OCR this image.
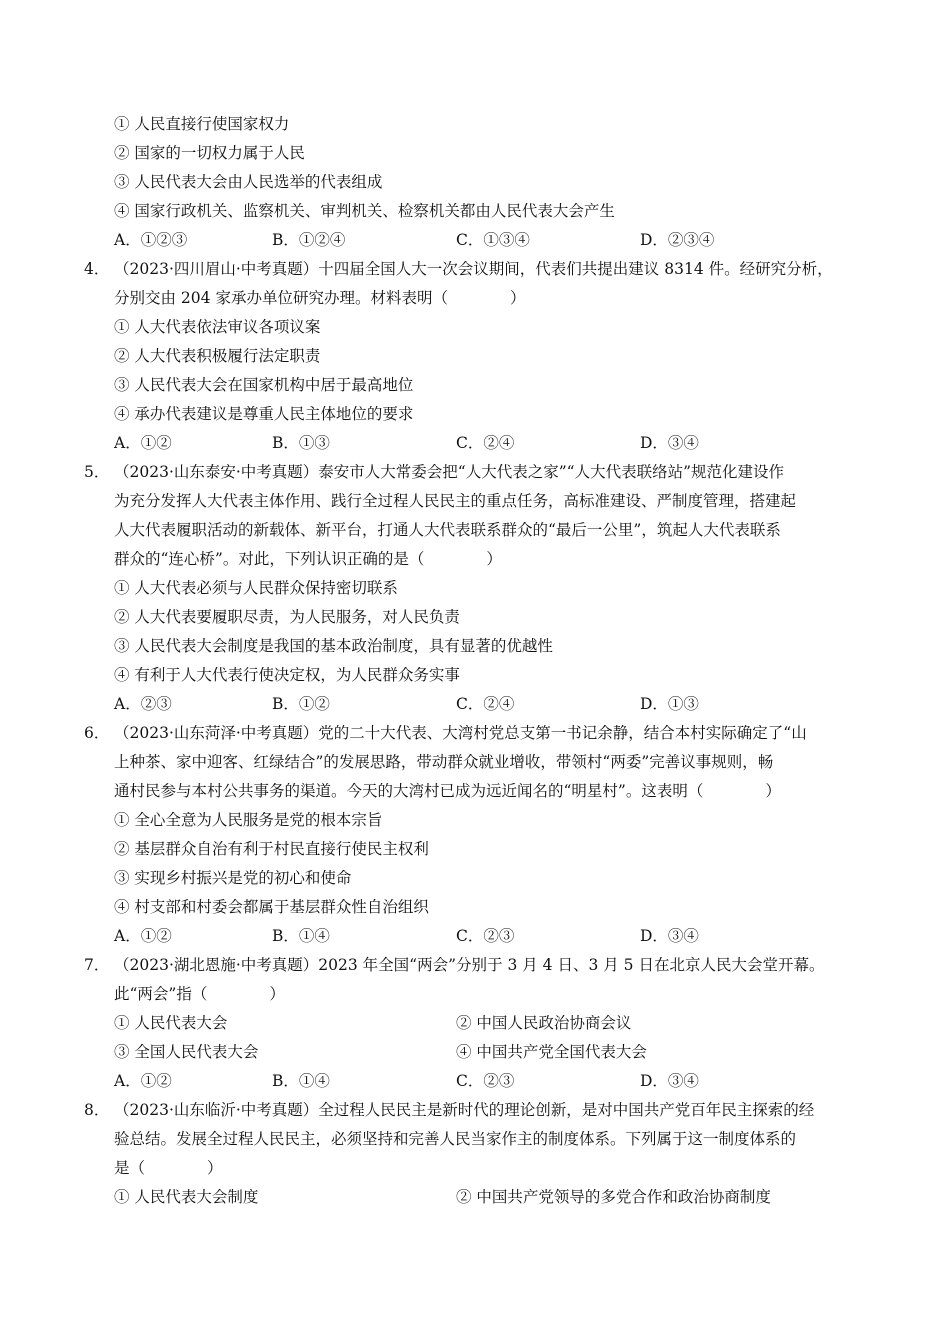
① 人民直接行使国家权力
② 国家的一切权力属于人民
③ 人民代表大会由人民选举的代表组成
④ 国家行政机关、监察机关、审判机关、检察机关都由人民代表大会产生
A．①②③	B．①②④	C．①③④	D．②③④
4． （2023·四川眉山·中考真题）十四届全国人大一次会议期间，代表们共提出建议 8314 件。经研究分析，
分别交由 204 家承办单位研究办理。材料表明（　　　　）
① 人大代表依法审议各项议案
② 人大代表积极履行法定职责
③ 人民代表大会在国家机构中居于最高地位
④ 承办代表建议是尊重人民主体地位的要求
A．①②	B．①③	C．②④	D．③④
5． （2023·山东泰安·中考真题）泰安市人大常委会把“人大代表之家”“人大代表联络站”规范化建设作
为充分发挥人大代表主体作用、践行全过程人民民主的重点任务，高标准建设、严制度管理，搭建起
人大代表履职活动的新载体、新平台，打通人大代表联系群众的“最后一公里”，筑起人大代表联系
群众的“连心桥”。对此，下列认识正确的是（　　　　）
① 人大代表必须与人民群众保持密切联系
② 人大代表要履职尽责，为人民服务，对人民负责
③ 人民代表大会制度是我国的基本政治制度，具有显著的优越性
④ 有利于人大代表行使决定权，为人民群众务实事
A．②③	B．①②	C．②④	D．①③
6． （2023·山东菏泽·中考真题）党的二十大代表、大湾村党总支第一书记余静，结合本村实际确定了“山
上种茶、家中迎客、红绿结合”的发展思路，带动群众就业增收，带领村“两委”完善议事规则，畅
通村民参与本村公共事务的渠道。今天的大湾村已成为远近闻名的“明星村”。这表明（　　　　）
① 全心全意为人民服务是党的根本宗旨
② 基层群众自治有利于村民直接行使民主权利
③ 实现乡村振兴是党的初心和使命
④ 村支部和村委会都属于基层群众性自治组织
A．①②	B．①④	C．②③	D．③④
7． （2023·湖北恩施·中考真题）2023 年全国“两会”分别于 3 月 4 日、3 月 5 日在北京人民大会堂开幕。
此“两会”指（　　　　）
① 人民代表大会	② 中国人民政治协商会议
③ 全国人民代表大会	④ 中国共产党全国代表大会
A．①②	B．①④	C．②③	D．③④
8． （2023·山东临沂·中考真题）全过程人民民主是新时代的理论创新，是对中国共产党百年民主探索的经
验总结。发展全过程人民民主，必须坚持和完善人民当家作主的制度体系。下列属于这一制度体系的
是（　　　　）
① 人民代表大会制度	② 中国共产党领导的多党合作和政治协商制度
